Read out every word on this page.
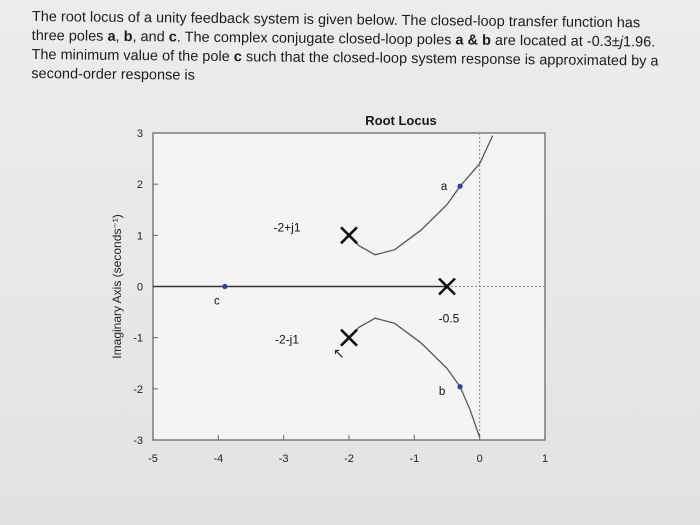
The root locus of a unity feedback system is given below. The closed-loop transfer function has three poles a, b, and c. The complex conjugate closed-loop poles a & b are located at -0.3±j1.96. The minimum value of the pole c such that the closed-loop system response is approximated by a second-order response is
Root Locus
Imaginary Axis (seconds⁻¹)
3
2
1
0
-1
-2
-3
-5	-4	-3	-2	-1	0	1
-2+j1
-2-j1
-0.5
a
b
c
↖
